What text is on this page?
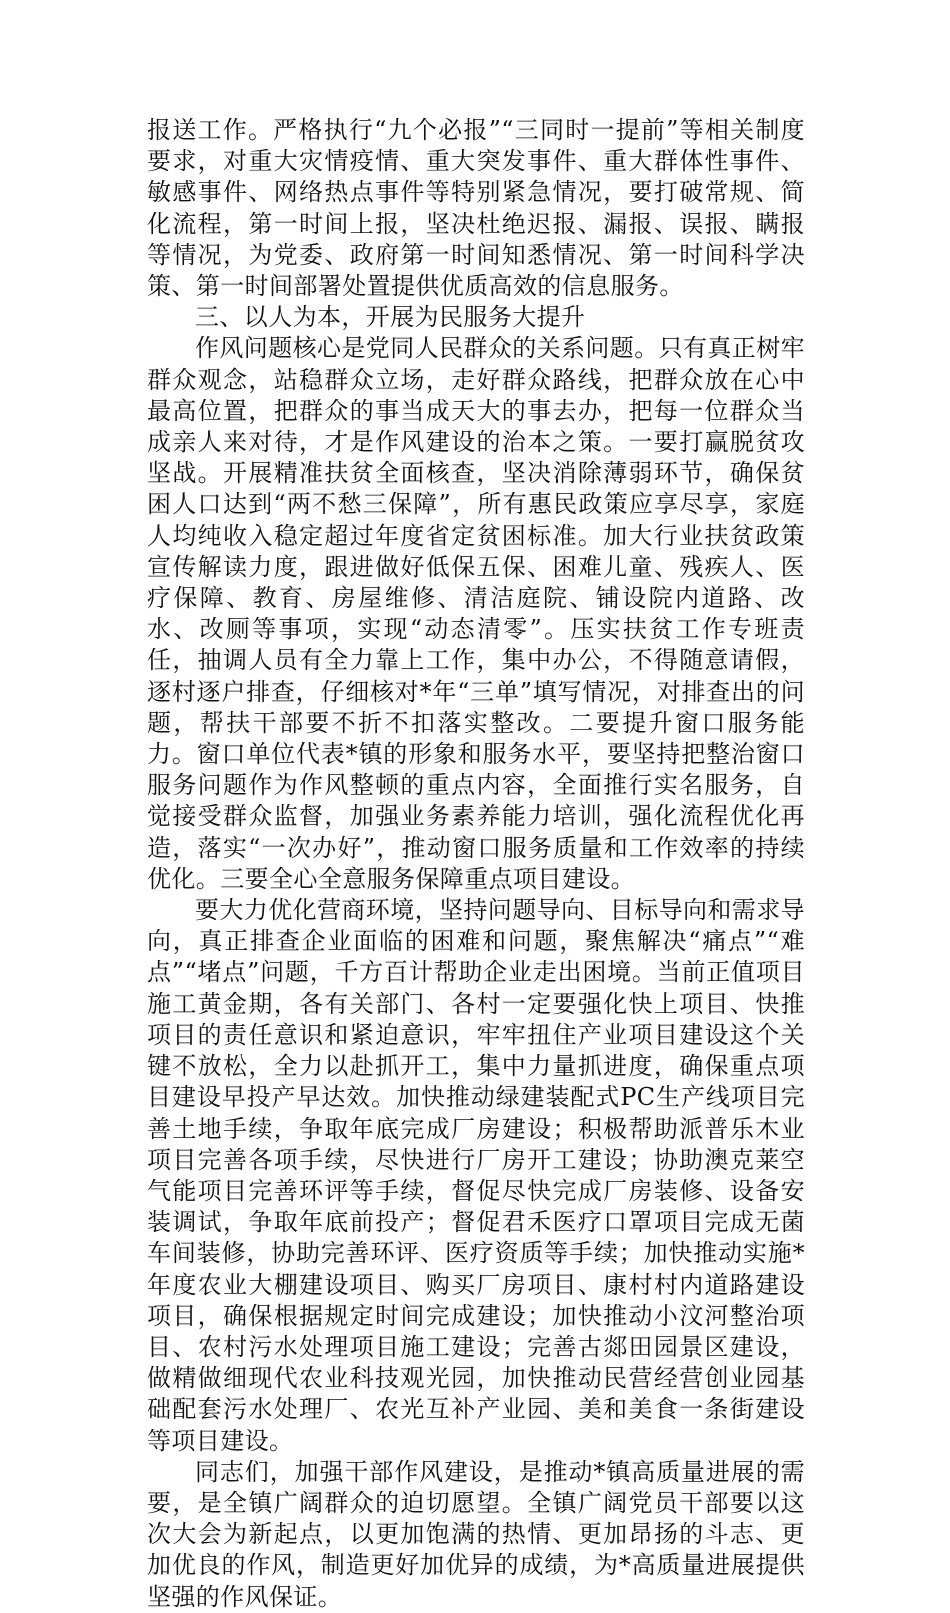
报送工作。严格执行“九个必报”“三同时一提前”等相关制度要求，对重大灾情疫情、重大突发事件、重大群体性事件、敏感事件、网络热点事件等特别紧急情况，要打破常规、简化流程，第一时间上报，坚决杜绝迟报、漏报、误报、瞒报等情况，为党委、政府第一时间知悉情况、第一时间科学决策、第一时间部署处置提供优质高效的信息服务。

三、以人为本，开展为民服务大提升

作风问题核心是党同人民群众的关系问题。只有真正树牢群众观念，站稳群众立场，走好群众路线，把群众放在心中最高位置，把群众的事当成天大的事去办，把每一位群众当成亲人来对待，才是作风建设的治本之策。一要打赢脱贫攻坚战。开展精准扶贫全面核查，坚决消除薄弱环节，确保贫困人口达到“两不愁三保障”，所有惠民政策应享尽享，家庭人均纯收入稳定超过年度省定贫困标准。加大行业扶贫政策宣传解读力度，跟进做好低保五保、困难儿童、残疾人、医疗保障、教育、房屋维修、清洁庭院、铺设院内道路、改水、改厕等事项，实现“动态清零”。压实扶贫工作专班责任，抽调人员有全力靠上工作，集中办公，不得随意请假，逐村逐户排查，仔细核对*年“三单”填写情况，对排查出的问题，帮扶干部要不折不扣落实整改。二要提升窗口服务能力。窗口单位代表*镇的形象和服务水平，要坚持把整治窗口服务问题作为作风整顿的重点内容，全面推行实名服务，自觉接受群众监督，加强业务素养能力培训，强化流程优化再造，落实“一次办好”，推动窗口服务质量和工作效率的持续优化。三要全心全意服务保障重点项目建设。

要大力优化营商环境，坚持问题导向、目标导向和需求导向，真正排查企业面临的困难和问题，聚焦解决“痛点”“难点”“堵点”问题，千方百计帮助企业走出困境。当前正值项目施工黄金期，各有关部门、各村一定要强化快上项目、快推项目的责任意识和紧迫意识，牢牢扭住产业项目建设这个关键不放松，全力以赴抓开工，集中力量抓进度，确保重点项目建设早投产早达效。加快推动绿建装配式PC生产线项目完善土地手续，争取年底完成厂房建设；积极帮助派普乐木业项目完善各项手续，尽快进行厂房开工建设；协助澳克莱空气能项目完善环评等手续，督促尽快完成厂房装修、设备安装调试，争取年底前投产；督促君禾医疗口罩项目完成无菌车间装修，协助完善环评、医疗资质等手续；加快推动实施*年度农业大棚建设项目、购买厂房项目、康村村内道路建设项目，确保根据规定时间完成建设；加快推动小汶河整治项目、农村污水处理项目施工建设；完善古郯田园景区建设，做精做细现代农业科技观光园，加快推动民营经营创业园基础配套污水处理厂、农光互补产业园、美和美食一条街建设等项目建设。

同志们，加强干部作风建设，是推动*镇高质量进展的需要，是全镇广阔群众的迫切愿望。全镇广阔党员干部要以这次大会为新起点，以更加饱满的热情、更加昂扬的斗志、更加优良的作风，制造更好加优异的成绩，为*高质量进展提供坚强的作风保证。
